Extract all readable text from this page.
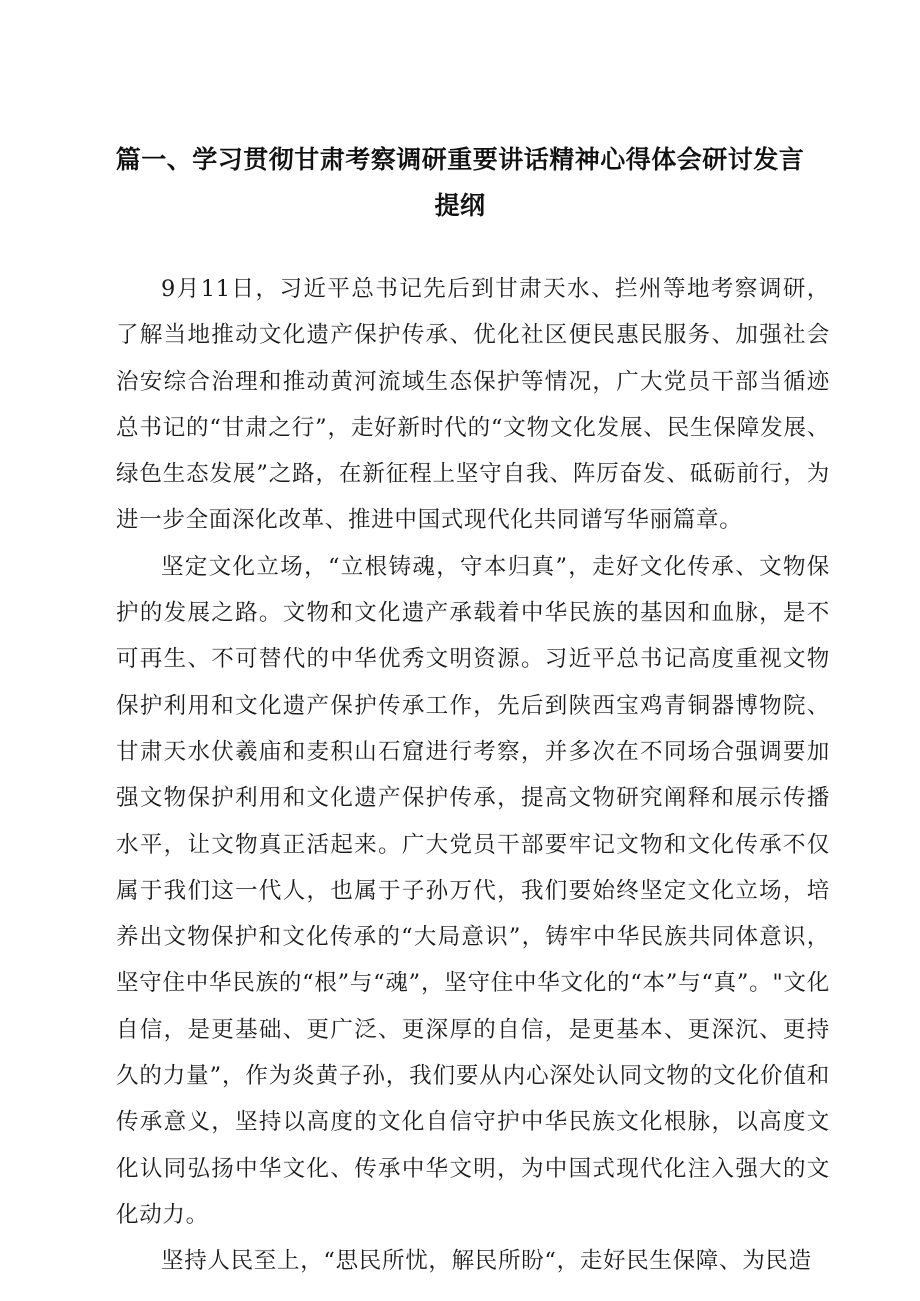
篇一、学习贯彻甘肃考察调研重要讲话精神心得体会研讨发言
提纲

9月11日，习近平总书记先后到甘肃天水、拦州等地考察调研，了解当地推动文化遗产保护传承、优化社区便民惠民服务、加强社会治安综合治理和推动黄河流域生态保护等情况，广大党员干部当循迹总书记的“甘肃之行”，走好新时代的“文物文化发展、民生保障发展、绿色生态发展”之路，在新征程上坚守自我、阵厉奋发、砥砺前行，为进一步全面深化改革、推进中国式现代化共同谱写华丽篇章。

坚定文化立场，“立根铸魂，守本归真”，走好文化传承、文物保护的发展之路。文物和文化遗产承载着中华民族的基因和血脉，是不可再生、不可替代的中华优秀文明资源。习近平总书记高度重视文物保护利用和文化遗产保护传承工作，先后到陕西宝鸡青铜器博物院、甘肃天水伏羲庙和麦积山石窟进行考察，并多次在不同场合强调要加强文物保护利用和文化遗产保护传承，提高文物研究阐释和展示传播水平，让文物真正活起来。广大党员干部要牢记文物和文化传承不仅属于我们这一代人，也属于子孙万代，我们要始终坚定文化立场，培养出文物保护和文化传承的“大局意识”，铸牢中华民族共同体意识，坚守住中华民族的“根”与“魂”，坚守住中华文化的“本”与“真”。"文化自信，是更基础、更广泛、更深厚的自信，是更基本、更深沉、更持久的力量”，作为炎黄子孙，我们要从内心深处认同文物的文化价值和传承意义，坚持以高度的文化自信守护中华民族文化根脉，以高度文化认同弘扬中华文化、传承中华文明，为中国式现代化注入强大的文化动力。

坚持人民至上，“思民所忧，解民所盼“，走好民生保障、为民造
